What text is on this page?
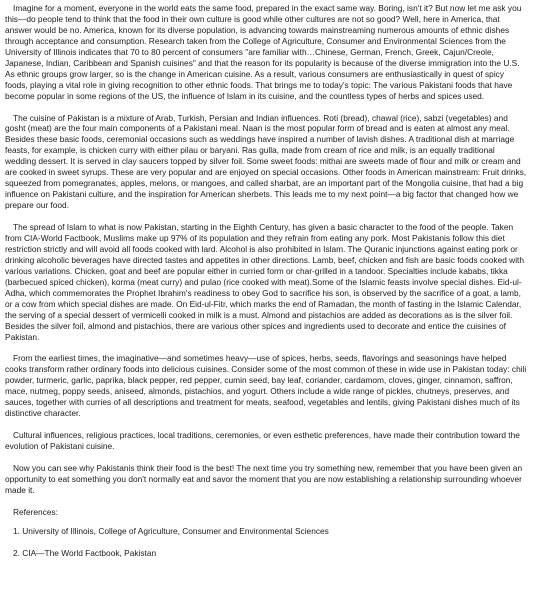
Imagine for a moment, everyone in the world eats the same food, prepared in the exact same way. Boring, isn't it? But now let me ask you this—do people tend to think that the food in their own culture is good while other cultures are not so good? Well, here in America, that answer would be no. America, known for its diverse population, is advancing towards mainstreaming numerous amounts of ethnic dishes through acceptance and consumption. Research taken from the College of Agriculture, Consumer and Environmental Sciences from the University of Illinois indicates that 70 to 80 percent of consumers "are familiar with…Chinese, German, French, Greek, Cajun/Creole, Japanese, Indian, Caribbean and Spanish cuisines" and that the reason for its popularity is because of the diverse immigration into the U.S. As ethnic groups grow larger, so is the change in American cuisine. As a result, various consumers are enthusiastically in quest of spicy foods, playing a vital role in giving recognition to other ethnic foods. That brings me to today's topic: The various Pakistani foods that have become popular in some regions of the US, the influence of Islam in its cuisine, and the countless types of herbs and spices used.

The cuisine of Pakistan is a mixture of Arab, Turkish, Persian and Indian influences. Roti (bread), chawal (rice), sabzi (vegetables) and gosht (meat) are the four main components of a Pakistani meal. Naan is the most popular form of bread and is eaten at almost any meal. Besides these basic foods, ceremonial occasions such as weddings have inspired a number of lavish dishes. A traditional dish at marriage feasts, for example, is chicken curry with either pilau or baryani. Ras gulla, made from cream of rice and milk, is an equally traditional wedding dessert. It is served in clay saucers topped by silver foil. Some sweet foods: mithai are sweets made of flour and milk or cream and are cooked in sweet syrups. These are very popular and are enjoyed on special occasions. Other foods in American mainstream: Fruit drinks, squeezed from pomegranates, apples, melons, or mangoes, and called sharbat, are an important part of the Mongolia cuisine, that had a big influence on Pakistani culture, and the inspiration for American sherbets. This leads me to my next point—a big factor that changed how we prepare our food.

The spread of Islam to what is now Pakistan, starting in the Eighth Century, has given a basic character to the food of the people. Taken from CIA-World Factbook, Muslims make up 97% of its population and they refrain from eating any pork. Most Pakistanis follow this diet restriction strictly and will avoid all foods cooked with lard. Alcohol is also prohibited in Islam. The Quranic injunctions against eating pork or drinking alcoholic beverages have directed tastes and appetites in other directions. Lamb, beef, chicken and fish are basic foods cooked with various variations. Chicken, goat and beef are popular either in curried form or char-grilled in a tandoor. Specialties include kababs, tikka (barbecued spiced chicken), korma (meat curry) and pulao (rice cooked with meat).Some of the Islamic feasts involve special dishes. Eid-ul-Adha, which commemorates the Prophet Ibrahim's readiness to obey God to sacrifice his son, is observed by the sacrifice of a goat, a lamb, or a cow from which special dishes are made. On Eid-ul-Fitr, which marks the end of Ramadan, the month of fasting in the Islamic Calendar, the serving of a special dessert of vermicelli cooked in milk is a must. Almond and pistachios are added as decorations as is the silver foil. Besides the silver foil, almond and pistachios, there are various other spices and ingredients used to decorate and entice the cuisines of Pakistan.

From the earliest times, the imaginative—and sometimes heavy—use of spices, herbs, seeds, flavorings and seasonings have helped cooks transform rather ordinary foods into delicious cuisines. Consider some of the most common of these in wide use in Pakistan today: chili powder, turmeric, garlic, paprika, black pepper, red pepper, cumin seed, bay leaf, coriander, cardamom, cloves, ginger, cinnamon, saffron, mace, nutmeg, poppy seeds, aniseed, almonds, pistachios, and yogurt. Others include a wide range of pickles, chutneys, preserves, and sauces, together with curries of all descriptions and treatment for meats, seafood, vegetables and lentils, giving Pakistani dishes much of its distinctive character.

Cultural influences, religious practices, local traditions, ceremonies, or even esthetic preferences, have made their contribution toward the evolution of Pakistani cuisine.

Now you can see why Pakistanis think their food is the best! The next time you try something new, remember that you have been given an opportunity to eat something you don't normally eat and savor the moment that you are now establishing a relationship surrounding whoever made it.

References:
1. University of Illinois, College of Agriculture, Consumer and Environmental Sciences
2. CIA—The World Factbook, Pakistan
